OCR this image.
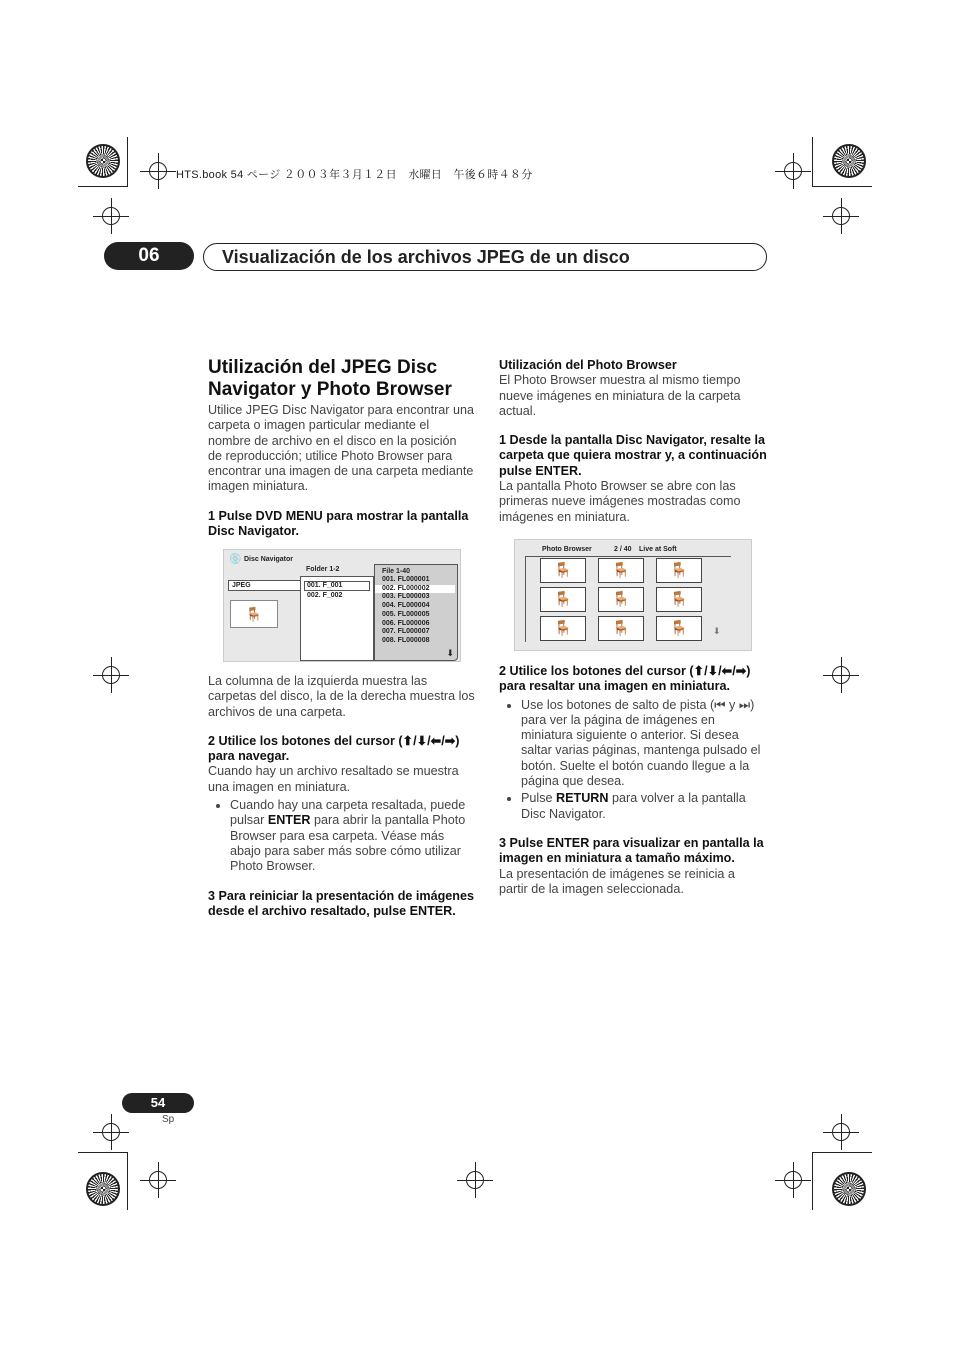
HTS.book 54 ページ ２００３年３月１２日　水曜日　午後６時４８分
06	Visualización de los archivos JPEG de un disco
Utilización del JPEG Disc
Navigator y Photo Browser

Utilice JPEG Disc Navigator para encontrar una carpeta o imagen particular mediante el nombre de archivo en el disco en la posición de reproducción; utilice Photo Browser para encontrar una imagen de una carpeta mediante imagen miniatura.

1 Pulse DVD MENU para mostrar la pantalla Disc Navigator.

💿 Disc Navigator
JPEG
🪑
Folder 1-2
001. F_001
002. F_002
File 1-40
001. FL000001
002. FL000002
003. FL000003
004. FL000004
005. FL000005
006. FL000006
007. FL000007
008. FL000008
⬇

La columna de la izquierda muestra las carpetas del disco, la de la derecha muestra los archivos de una carpeta.

2 Utilice los botones del cursor (⬆/⬇/⬅/➡) para navegar.

Cuando hay un archivo resaltado se muestra una imagen en miniatura.

• Cuando hay una carpeta resaltada, puede pulsar ENTER para abrir la pantalla Photo Browser para esa carpeta. Véase más abajo para saber más sobre cómo utilizar Photo Browser.

3 Para reiniciar la presentación de imágenes desde el archivo resaltado, pulse ENTER.

Utilización del Photo Browser

El Photo Browser muestra al mismo tiempo nueve imágenes en miniatura de la carpeta actual.

1 Desde la pantalla Disc Navigator, resalte la carpeta que quiera mostrar y, a continuación pulse ENTER.

La pantalla Photo Browser se abre con las primeras nueve imágenes mostradas como imágenes en miniatura.

Photo Browser	2 / 40 Live at Soft
🪑	🪑	🪑
🪑	🪑	🪑
🪑	🪑	🪑	⬇

2 Utilice los botones del cursor (⬆/⬇/⬅/➡) para resaltar una imagen en miniatura.

• Use los botones de salto de pista (⏮ y ⏭) para ver la página de imágenes en miniatura siguiente o anterior. Si desea saltar varias páginas, mantenga pulsado el botón. Suelte el botón cuando llegue a la página que desea.
• Pulse RETURN para volver a la pantalla Disc Navigator.

3 Pulse ENTER para visualizar en pantalla la imagen en miniatura a tamaño máximo.

La presentación de imágenes se reinicia a partir de la imagen seleccionada.

54
Sp
